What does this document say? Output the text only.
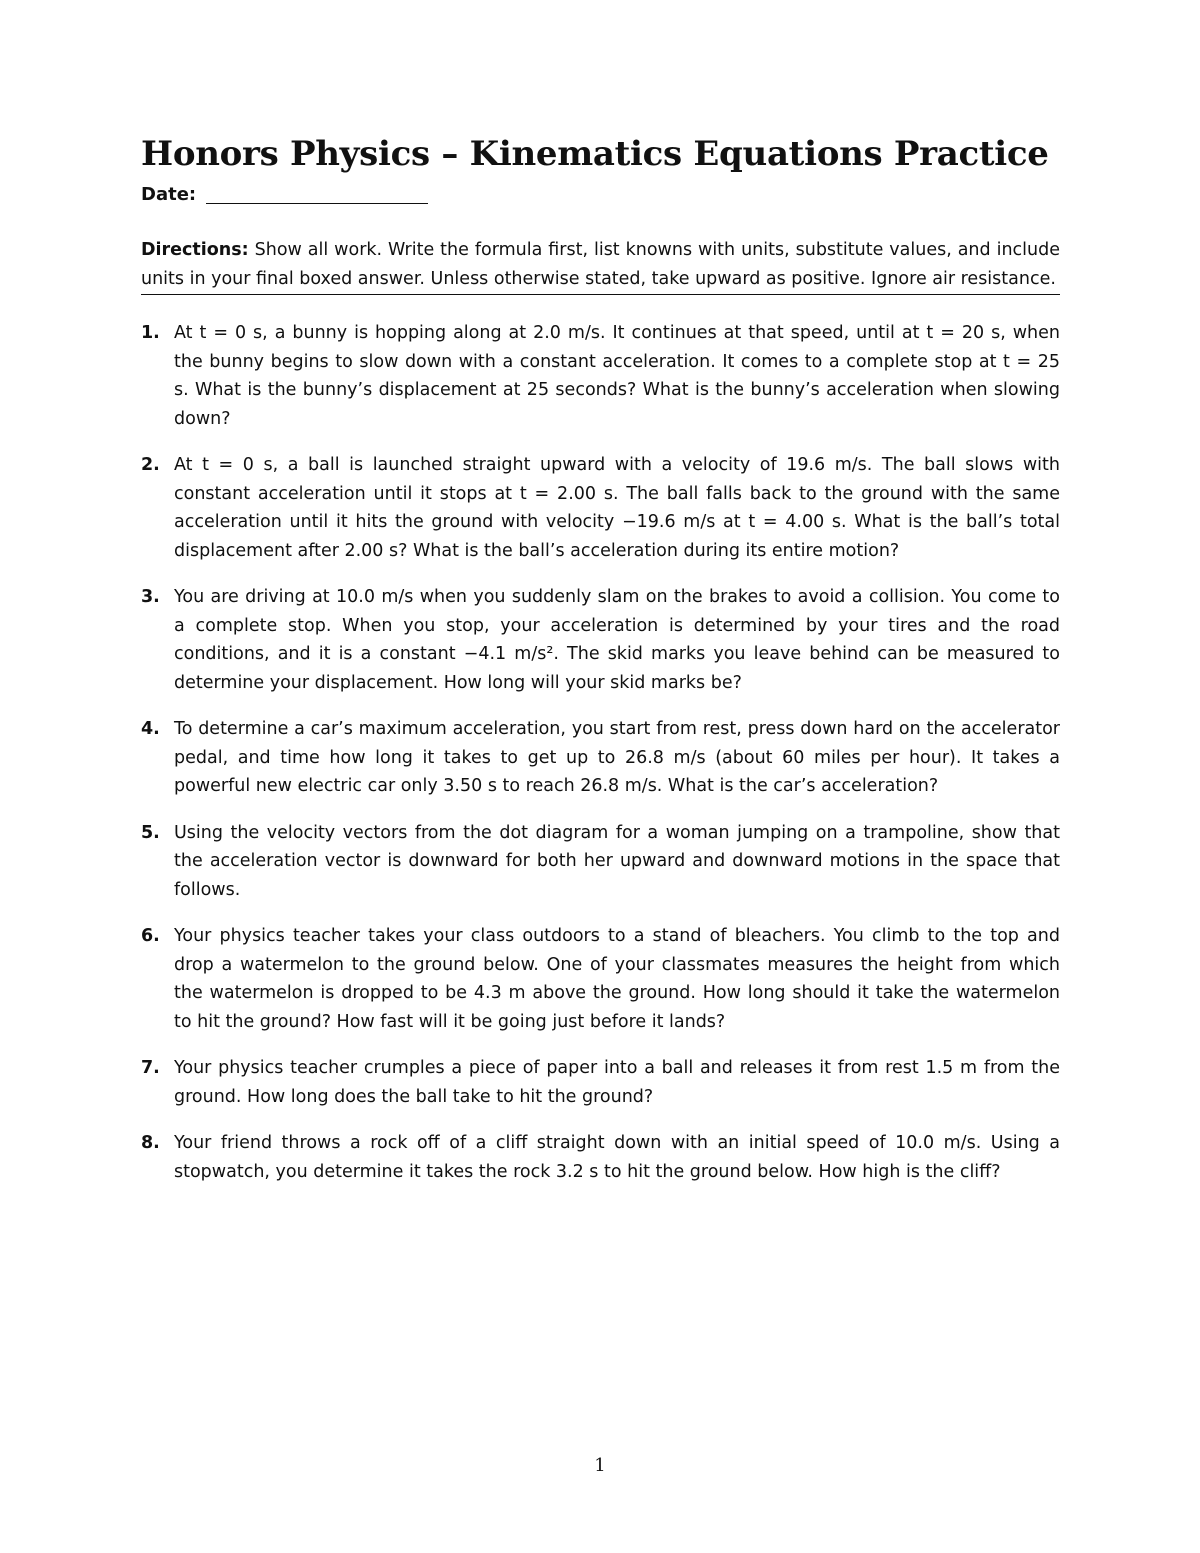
Honors Physics – Kinematics Equations Practice
Date:
Directions: Show all work. Write the formula first, list knowns with units, substitute values, and include units in your final boxed answer. Unless otherwise stated, take upward as positive. Ignore air resistance.
1. At t = 0 s, a bunny is hopping along at 2.0 m/s. It continues at that speed, until at t = 20 s, when the bunny begins to slow down with a constant acceleration. It comes to a complete stop at t = 25 s. What is the bunny’s displacement at 25 seconds? What is the bunny’s acceleration when slowing down?
2. At t = 0 s, a ball is launched straight upward with a velocity of 19.6 m/s. The ball slows with constant acceleration until it stops at t = 2.00 s. The ball falls back to the ground with the same acceleration until it hits the ground with velocity −19.6 m/s at t = 4.00 s. What is the ball’s total displacement after 2.00 s? What is the ball’s acceleration during its entire motion?
3. You are driving at 10.0 m/s when you suddenly slam on the brakes to avoid a collision. You come to a complete stop. When you stop, your acceleration is determined by your tires and the road conditions, and it is a constant −4.1 m/s². The skid marks you leave behind can be measured to determine your displacement. How long will your skid marks be?
4. To determine a car’s maximum acceleration, you start from rest, press down hard on the accelerator pedal, and time how long it takes to get up to 26.8 m/s (about 60 miles per hour). It takes a powerful new electric car only 3.50 s to reach 26.8 m/s. What is the car’s acceleration?
5. Using the velocity vectors from the dot diagram for a woman jumping on a trampoline, show that the acceleration vector is downward for both her upward and downward motions in the space that follows.
6. Your physics teacher takes your class outdoors to a stand of bleachers. You climb to the top and drop a watermelon to the ground below. One of your classmates measures the height from which the watermelon is dropped to be 4.3 m above the ground. How long should it take the watermelon to hit the ground? How fast will it be going just before it lands?
7. Your physics teacher crumples a piece of paper into a ball and releases it from rest 1.5 m from the ground. How long does the ball take to hit the ground?
8. Your friend throws a rock off of a cliff straight down with an initial speed of 10.0 m/s. Using a stopwatch, you determine it takes the rock 3.2 s to hit the ground below. How high is the cliff?
1
